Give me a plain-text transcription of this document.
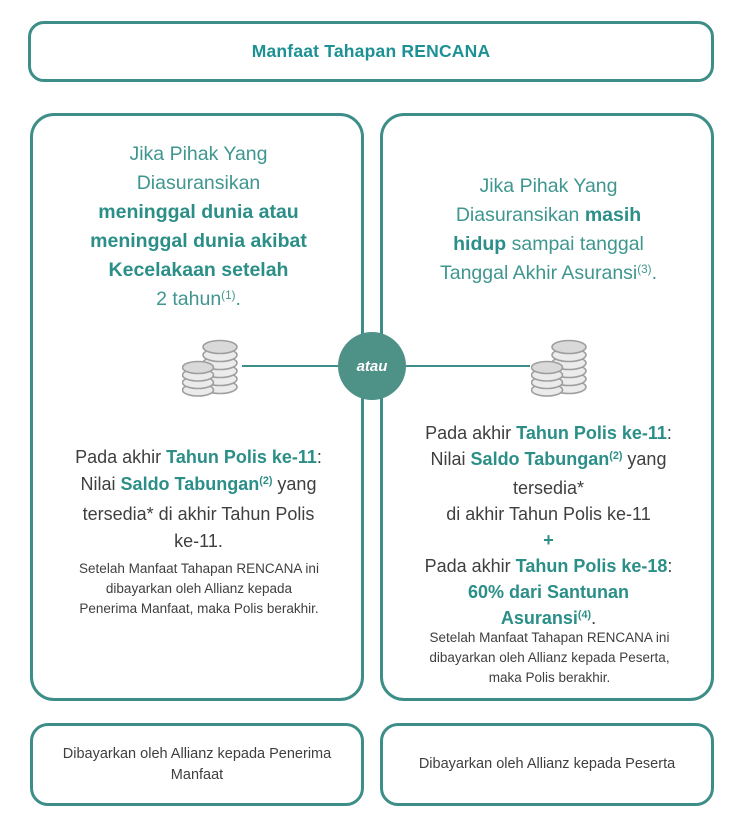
Manfaat Tahapan RENCANA
Jika Pihak Yang
Diasuransikan
meninggal dunia atau
meninggal dunia akibat
Kecelakaan setelah
2 tahun$^{(1)}$.
Pada akhir Tahun Polis ke-11:
Nilai Saldo Tabungan$^{(2)}$ yang
tersedia* di akhir Tahun Polis
ke-11.
Setelah Manfaat Tahapan RENCANA ini
dibayarkan oleh Allianz kepada
Penerima Manfaat, maka Polis berakhir.
Jika Pihak Yang
Diasuransikan masih
hidup sampai tanggal
Tanggal Akhir Asuransi$^{(3)}$.
Pada akhir Tahun Polis ke-11:
Nilai Saldo Tabungan$^{(2)}$ yang
tersedia*
di akhir Tahun Polis ke-11
+
Pada akhir Tahun Polis ke-18:
60% dari Santunan
Asuransi$^{(4)}$.
Setelah Manfaat Tahapan RENCANA ini
dibayarkan oleh Allianz kepada Peserta,
maka Polis berakhir.
atau
Dibayarkan oleh Allianz kepada Penerima Manfaat
Dibayarkan oleh Allianz kepada Peserta
